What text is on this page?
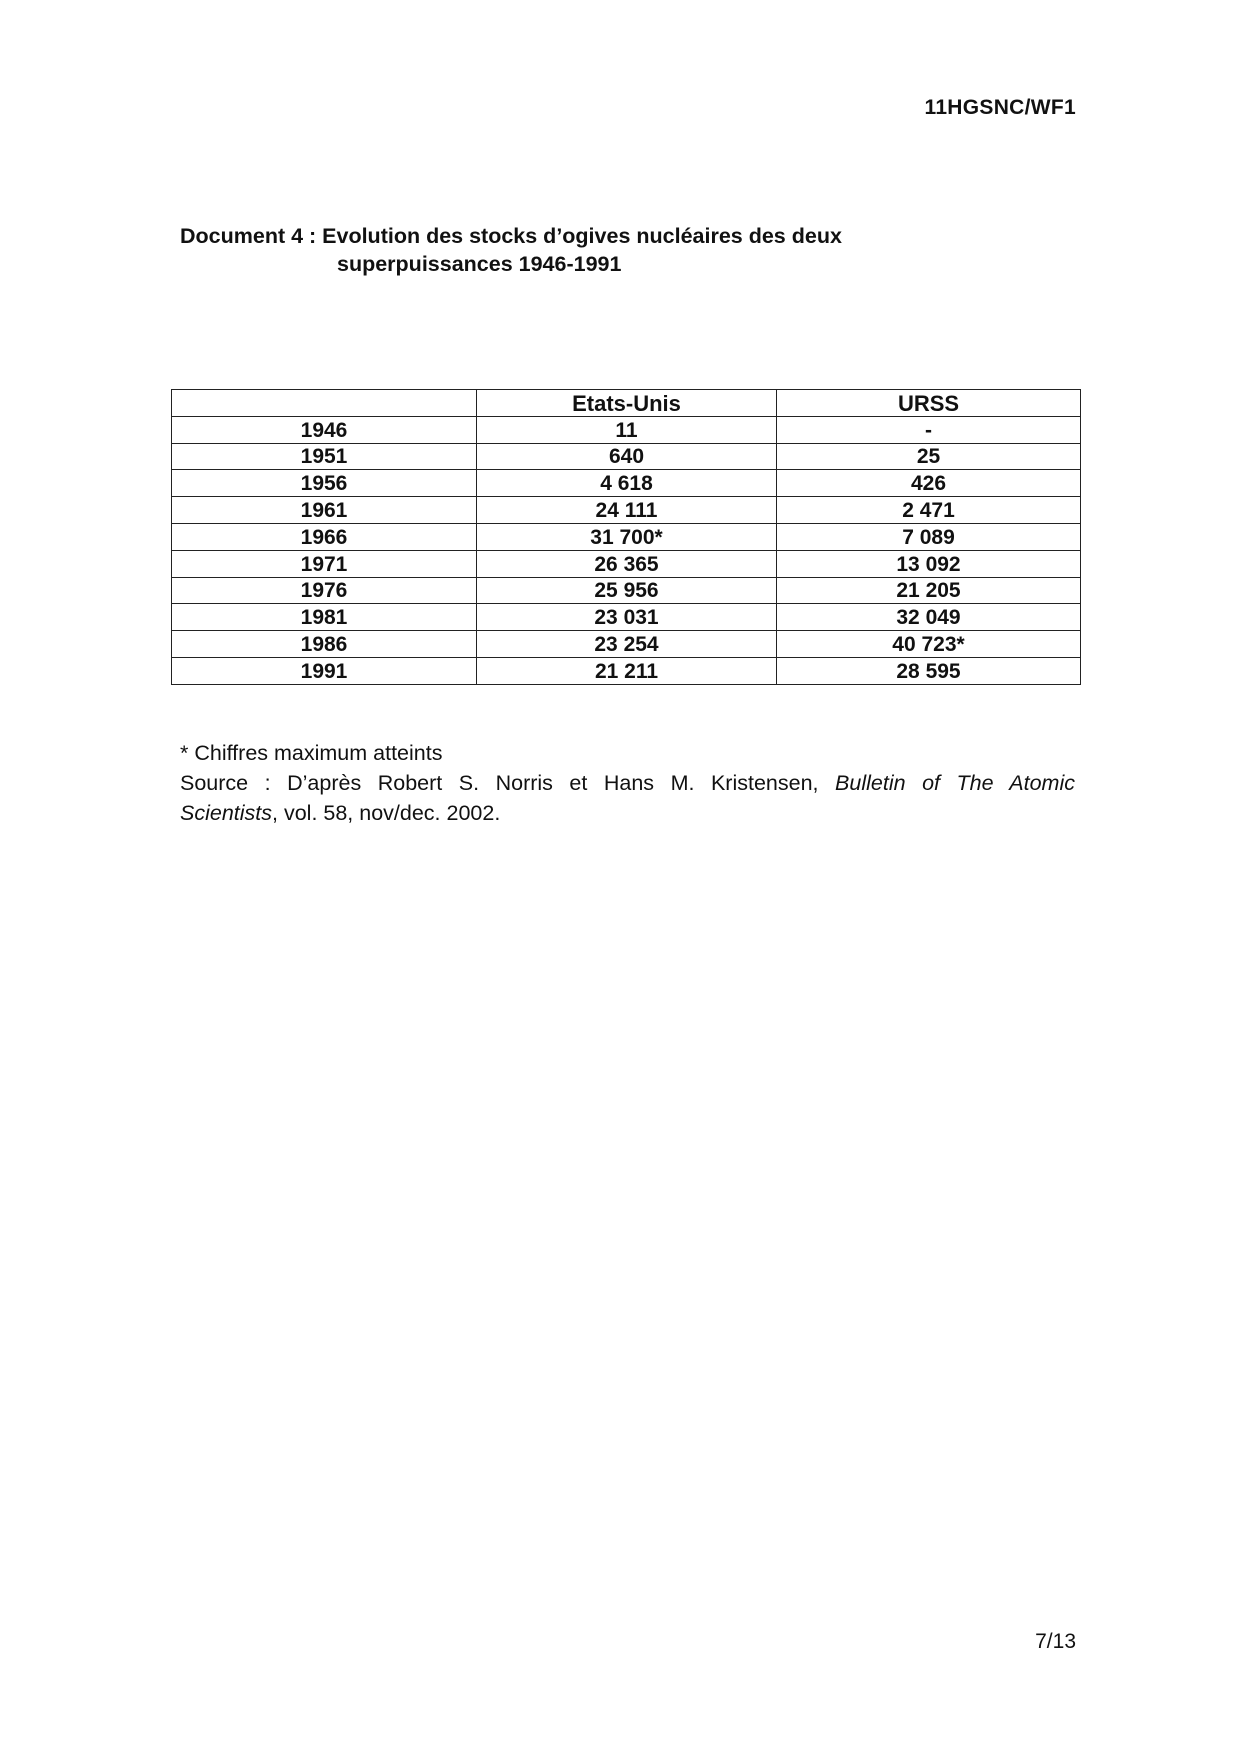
11HGSNC/WF1
Document 4 : Evolution des stocks d’ogives nucléaires des deux
superpuissances 1946-1991
	Etats-Unis	URSS
1946	11	-
1951	640	25
1956	4 618	426
1961	24 111	2 471
1966	31 700*	7 089
1971	26 365	13 092
1976	25 956	21 205
1981	23 031	32 049
1986	23 254	40 723*
1991	21 211	28 595
* Chiffres maximum atteints
Source : D’après Robert S. Norris et Hans M. Kristensen, Bulletin of The Atomic
Scientists, vol. 58, nov/dec. 2002.
7/13
